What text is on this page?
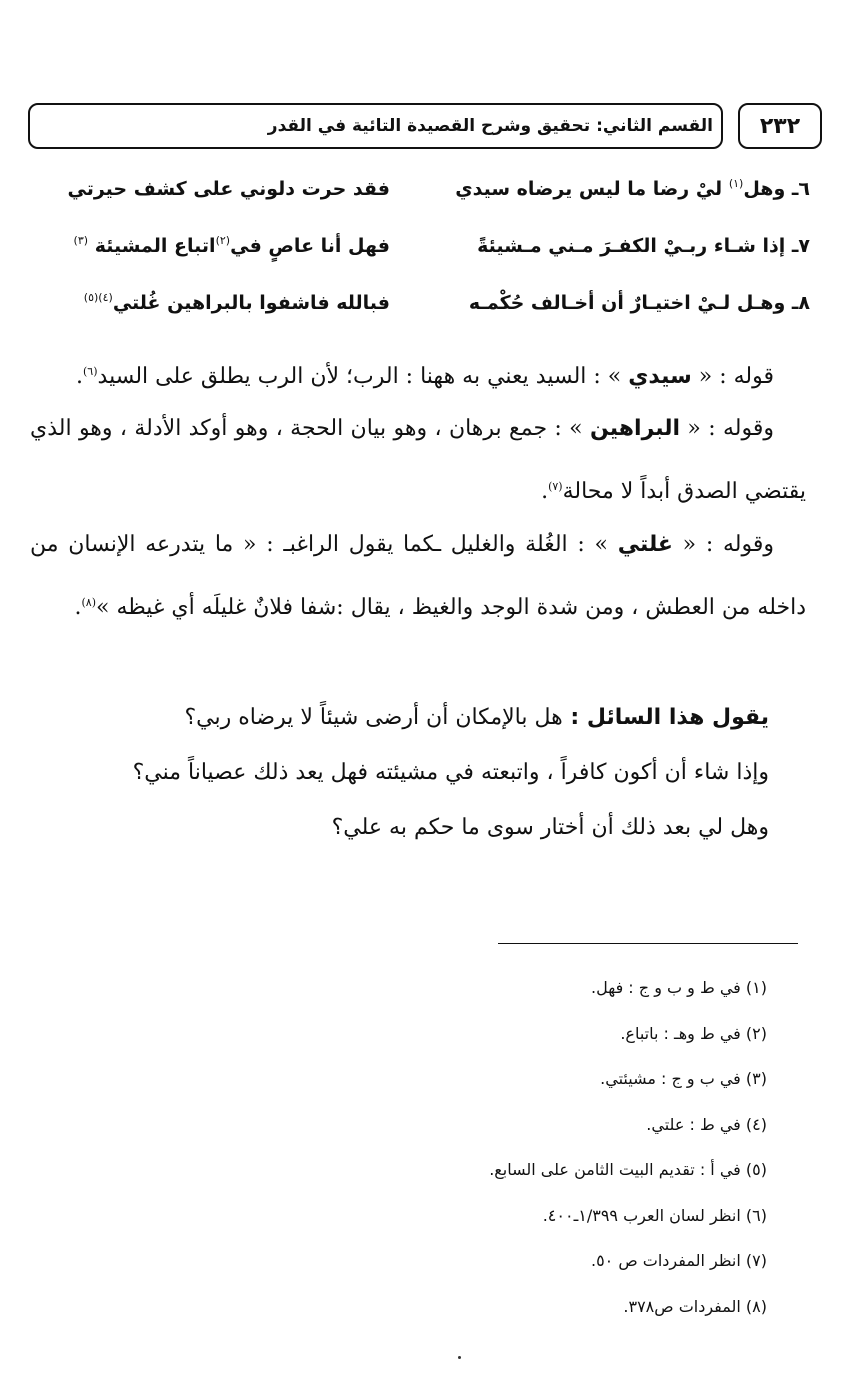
القسم الثاني: تحقيق وشرح القصيدة التائية في القدر ٢٣٢
٦ـ وهل$^{(١)}$ ليْ رضا ما ليس يرضاه سيدي
فقد حرت دلوني على كشف حيرتي
٧ـ إذا شـاء ربـيْ الكفـرَ مـني مـشيئةً
فهل أنا عاصٍ في$^{(٢)}$اتباع المشيئة $^{(٣)}$
٨ـ وهـل لـيْ اختيـارٌ أن أخـالف حُكْمـه
فبالله فاشفوا بالبراهين غُلتي$^{(٤)(٥)}$
قوله : « سيدي » : السيد يعني به ههنا : الرب؛ لأن الرب يطلق على السيد$^{(٦)}$.
وقوله : « البراهين » : جمع برهان ، وهو بيان الحجة ، وهو أوكد الأدلة ، وهو الذي يقتضي الصدق أبداً لا محالة$^{(٧)}$.
وقوله : « غلتي » : الغُلة والغليل ـكما يقول الراغبـ : « ما يتدرعه الإنسان من داخله من العطش ، ومن شدة الوجد والغيظ ، يقال :شفا فلانٌ غليلَه أي غيظه »$^{(٨)}$.
يقول هذا السائل : هل بالإمكان أن أرضى شيئاً لا يرضاه ربي؟
وإذا شاء أن أكون كافراً ، واتبعته في مشيئته فهل يعد ذلك عصياناً مني؟
وهل لي بعد ذلك أن أختار سوى ما حكم به علي؟
(١) في ط و ب و ج : فهل.
(٢) في ط وهـ : باتباع.
(٣) في ب و ج : مشيئتي.
(٤) في ط : علتي.
(٥) في أ : تقديم البيت الثامن على السابع.
(٦) انظر لسان العرب ١/٣٩٩ـ٤٠٠.
(٧) انظر المفردات ص ٥٠.
(٨) المفردات ص٣٧٨.
